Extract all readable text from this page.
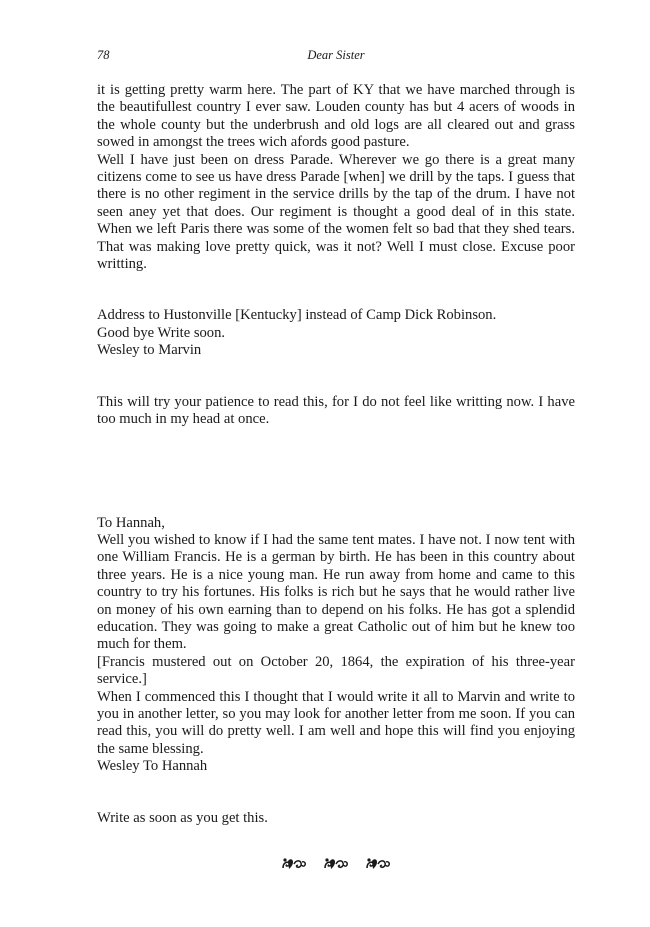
78	Dear Sister

it is getting pretty warm here. The part of KY that we have marched through is the beautifullest country I ever saw. Louden county has but 4 acers of woods in the whole county but the underbrush and old logs are all cleared out and grass sowed in amongst the trees wich afords good pasture.

Well I have just been on dress Parade. Wherever we go there is a great many citizens come to see us have dress Parade [when] we drill by the taps. I guess that there is no other regiment in the service drills by the tap of the drum. I have not seen aney yet that does. Our regiment is thought a good deal of in this state. When we left Paris there was some of the women felt so bad that they shed tears. That was making love pretty quick, was it not? Well I must close. Excuse poor writting.

Address to Hustonville [Kentucky] instead of Camp Dick Robinson.

Good bye Write soon.

Wesley to Marvin

This will try your patience to read this, for I do not feel like writting now. I have too much in my head at once.

To Hannah,

Well you wished to know if I had the same tent mates. I have not. I now tent with one William Francis. He is a german by birth. He has been in this country about three years. He is a nice young man. He run away from home and came to this country to try his fortunes. His folks is rich but he says that he would rather live on money of his own earning than to depend on his folks. He has got a splendid education. They was going to make a great Catholic out of him but he knew too much for them.

[Francis mustered out on October 20, 1864, the expiration of his three-year service.]

When I commenced this I thought that I would write it all to Marvin and write to you in another letter, so you may look for another letter from me soon. If you can read this, you will do pretty well. I am well and hope this will find you enjoying the same blessing.

Wesley To Hannah

Write as soon as you get this.
